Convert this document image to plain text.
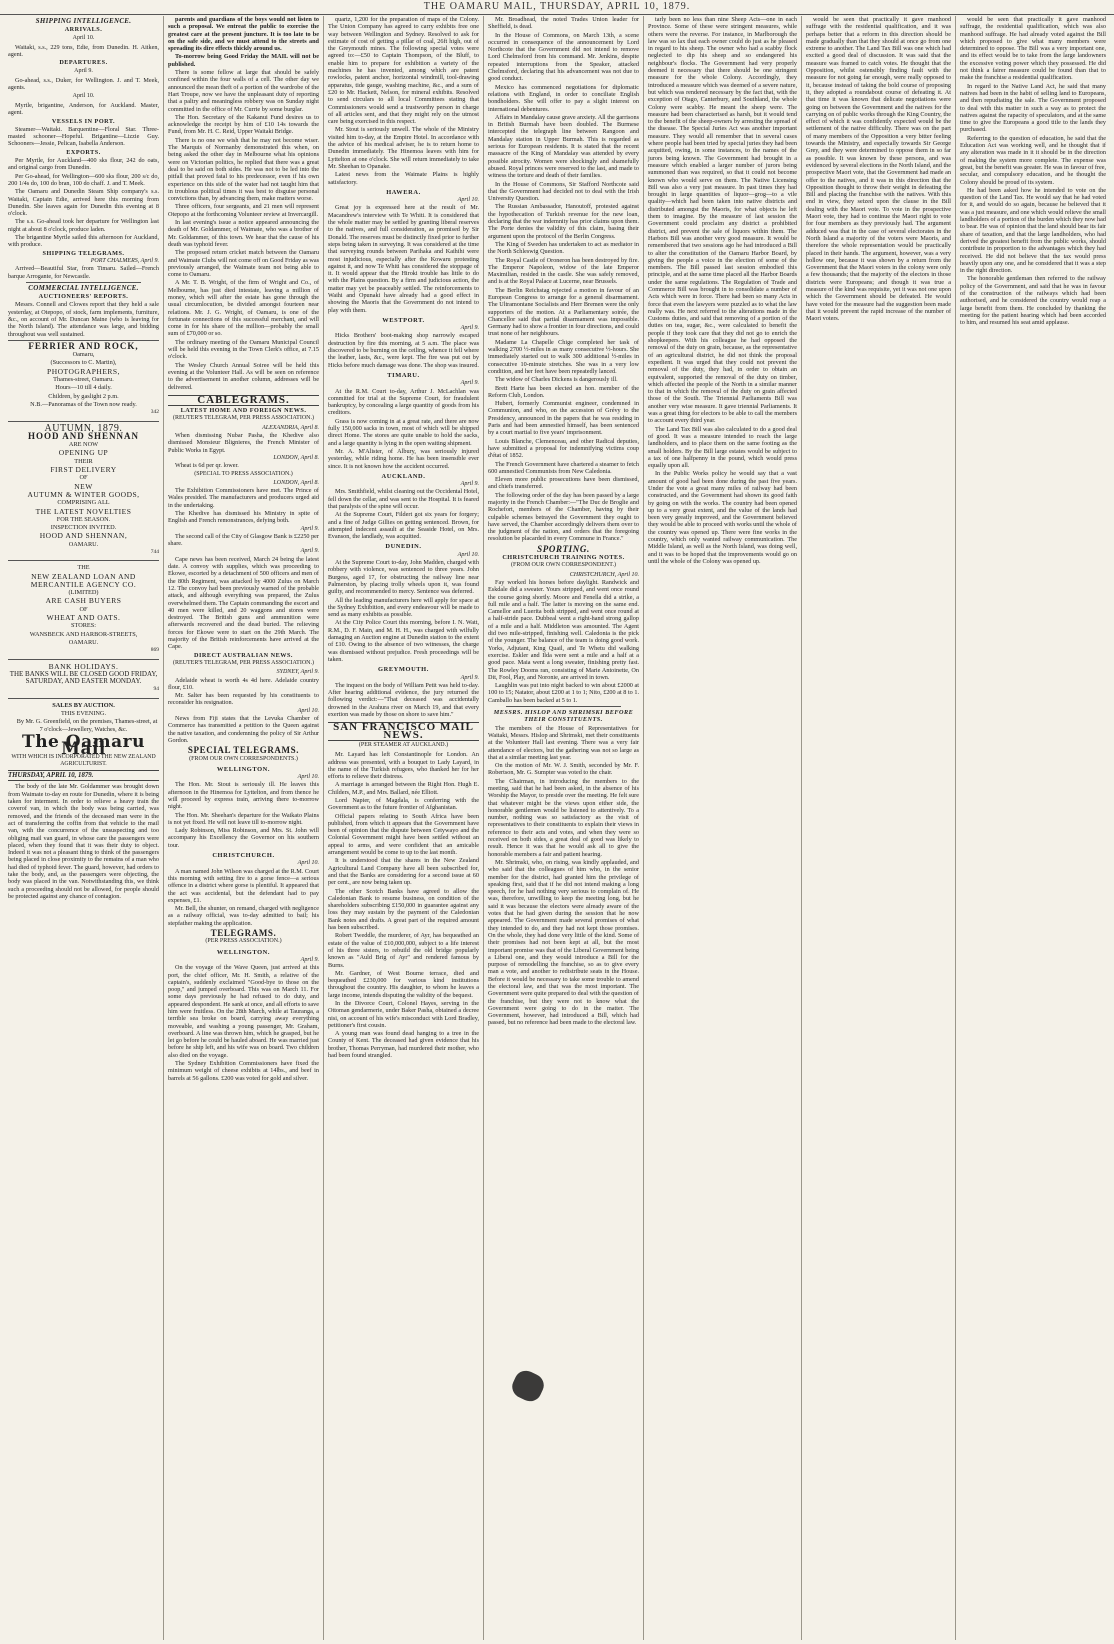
THE OAMARU MAIL, THURSDAY, APRIL 10, 1879.
SHIPPING INTELLIGENCE.
ARRIVALS.
April 10.

Waitaki, s.s., 229 tons, Edie, from Dunedin. H. Aitken, agent.

DEPARTURES.
April 9.

Go-ahead, s.s., Duker, for Wellington. J. and T. Meek, agents.

April 10.

Myrtle, brigantine, Anderson, for Auckland. Master, agent.

VESSELS IN PORT.

Steamer—Waitaki. Barquentine—Floral Star. Three-masted schooner—Hopeful. Brigantine—Lizzie Guy. Schooners—Jessie, Pelican, Isabella Anderson.

EXPORTS.

Per Myrtle, for Auckland—400 sks flour, 242 do oats, and original cargo from Dunedin.

Per Go-ahead, for Wellington—600 sks flour, 200 s/c do, 200 1/4s do, 100 do bran, 100 do chaff. J. and T. Meek.

The Oamaru and Dunedin Steam Ship company's s.s. Waitaki, Captain Edie, arrived here this morning from Dunedin. She leaves again for Dunedin this evening at 8 o'clock.

The s.s. Go-ahead took her departure for Wellington last night at about 8 o'clock, produce laden.

The brigantine Myrtle sailed this afternoon for Auckland, with produce.

SHIPPING TELEGRAMS.
PORT CHALMERS, April 9.

Arrived—Beautiful Star, from Timaru. Sailed—French barque Arrogante, for Newcastle.

COMMERCIAL INTELLIGENCE.
AUCTIONEERS' REPORTS.

Messrs. Connell and Clowes report that they held a sale yesterday, at Otepopo, of stock, farm implements, furniture, &c., on account of Mr. Duncan Maine (who is leaving for the North Island). The attendance was large, and bidding throughout was well sustained.

FERRIER AND ROCK,
Oamaru,
(Successors to C. Martin),
PHOTOGRAPHERS,
Thames-street, Oamaru.
Hours—10 till 4 daily.
Children, by gaslight 2 p.m.
N.B.—Panoramas of the Town now ready.
342
AUTUMN, 1879.
HOOD AND SHENNAN
ARE NOW
OPENING UP
THEIR
FIRST DELIVERY
OF
NEW
AUTUMN & WINTER GOODS,
COMPRISING ALL
THE LATEST NOVELTIES
FOR THE SEASON.
INSPECTION INVITED.
HOOD AND SHENNAN,
OAMARU.
744
THE
NEW ZEALAND LOAN AND
MERCANTILE AGENCY CO.
(LIMITED)
ARE CASH BUYERS
OF
WHEAT AND OATS.
STORES:
WANSBECK AND HARBOR-STREETS,
OAMARU.
869
BANK HOLIDAYS.
THE BANKS WILL BE CLOSED GOOD FRIDAY, SATURDAY, AND EASTER MONDAY.
94
SALES BY AUCTION.
THIS EVENING.

By Mr. G. Greenfield, on the premises, Thames-street, at 7 o'clock—Jewellery, Watches, &c.

The Oamaru Mail
WITH WHICH IS INCORPORATED THE NEW ZEALAND AGRICULTURIST.
THURSDAY, APRIL 10, 1879.

The body of the late Mr. Goldammer was brought down from Waimate to-day en route for Dunedin, where it is being taken for interment. In order to relieve a heavy train the coverof van, in which the body was being carried, was removed, and the friends of the deceased man were in the act of transferring the coffin from that vehicle to the mail van, with the concurrence of the unsuspecting and too obliging mail van guard, in whose care the passengers were placed, when they found that it was their duty to object. Indeed it was not a pleasant thing to think of the passengers being placed in close proximity to the remains of a man who had died of typhoid fever. The guard, however, had orders to take the body, and, as the passengers were objecting, the body was placed in the van. Notwithstanding this, we think such a proceeding should not be allowed, for people should be protected against any chance of contagion.

parents and guardians of the boys would not listen to such a proposal. We entreat the public to exercise the greatest care at the present juncture. It is too late to be on the safe side, and we must attend to the streets and spreading its dire effects thickly around us.

To-morrow being Good Friday the MAIL will not be published.

There is some fellow at large that should be safely confined within the four walls of a cell. The other day we announced the mean theft of a portion of the wardrobe of the Hart Troupe, now we have the unpleasant duty of reporting that a paltry and meaningless robbery was on Sunday night committed in the office of Mr. Currie by some burglar.

The Hon. Secretary of the Kakanui Fund desires us to acknowledge the receipt by him of £10 14s towards the Fund, from Mr. H. C. Reid, Upper Waitaki Bridge.

There is no one we wish that he may not become wiser. The Marquis of Normanby demonstrated this when, on being asked the other day in Melbourne what his opinions were on Victorian politics, he replied that there was a great deal to be said on both sides. He was not to be led into the pitfall that proved fatal to his predecessor, even if his own experience on this side of the water had not taught him that in troublous political times it was best to disguise personal convictions than, by advancing them, make matters worse.

Three officers, four sergeants, and 21 men will represent Otepopo at the forthcoming Volunteer review at Invercargill.

In last evening's issue a notice appeared announcing the death of Mr. Goldammer, of Waimate, who was a brother of Mr. Goldammer, of this town. We hear that the cause of his death was typhoid fever.

The proposed return cricket match between the Oamaru and Waimate Clubs will not come off on Good Friday as was previously arranged, the Waimate team not being able to come to Oamaru.

A Mr. T. B. Wright, of the firm of Wright and Co., of Melbourne, has just died intestate, leaving a million of money, which will after the estate has gone through the usual circumlocution, be divided amongst fourteen near relations. Mr. J. G. Wright, of Oamaru, is one of the fortunate connections of this successful merchant, and will come in for his share of the million—probably the small sum of £70,000 or so.

The ordinary meeting of the Oamaru Municipal Council will be held this evening in the Town Clerk's office, at 7.15 o'clock.

The Wesley Church Annual Soiree will be held this evening at the Volunteer Hall. As will be seen on reference to the advertisement in another column, addresses will be delivered.

CABLEGRAMS.
LATEST HOME AND FOREIGN NEWS.
(REUTER'S TELEGRAM, PER PRESS ASSOCIATION.)
ALEXANDRIA, April 8.

When dismissing Nubar Pasha, the Khedive also dismissed Monsieur Blignieres, the French Minister of Public Works in Egypt.

LONDON, April 8.

Wheat is 6d per qr. lower.

(SPECIAL TO PRESS ASSOCIATION.)
LONDON, April 8.

The Exhibition Commissioners have met. The Prince of Wales presided. The manufacturers and producers urged aid in the undertaking.

The Khedive has dismissed his Ministry in spite of English and French remonstrances, defying both.

April 9.

The second call of the City of Glasgow Bank is £2250 per share.

April 9.

Cape news has been received, March 24 being the latest date. A convoy with supplies, which was proceeding to Ekowe, escorted by a detachment of 500 officers and men of the 80th Regiment, was attacked by 4000 Zulus on March 12. The convoy had been previously warned of the probable attack, and although everything was prepared, the Zulus overwhelmed them. The Captain commanding the escort and 40 men were killed, and 20 waggons and stores were destroyed. The British guns and ammunition were afterwards recovered and the dead buried. The relieving forces for Ekowe were to start on the 29th March. The majority of the British reinforcements have arrived at the Cape.

DIRECT AUSTRALIAN NEWS.
(REUTER'S TELEGRAM, PER PRESS ASSOCIATION.)
SYDNEY, April 9.

Adelaide wheat is worth 4s 4d here. Adelaide country flour, £10.

Mr. Salter has been requested by his constituents to reconsider his resignation.

April 10.

News from Fiji states that the Levuka Chamber of Commerce has transmitted a petition to the Queen against the native taxation, and condemning the policy of Sir Arthur Gordon.

SPECIAL TELEGRAMS.
(FROM OUR OWN CORRESPONDENTS.)
WELLINGTON.
April 10.

The Hon. Mr. Stout is seriously ill. He leaves this afternoon in the Hinemoa for Lyttelton, and from thence he will proceed by express train, arriving there to-morrow night.

The Hon. Mr. Sheehan's departure for the Waikato Plains is not yet fixed. He will not leave till to-morrow night.

Lady Robinson, Miss Robinson, and Mrs. St. John will accompany his Excellency the Governor on his southern tour.

CHRISTCHURCH.
April 10.

A man named John Wilson was charged at the R.M. Court this morning with setting fire to a gorse fence—a serious offence in a district where gorse is plentiful. It appeared that the act was accidental, but the defendant had to pay expenses, £1.

Mr. Bell, the shunter, on remand, charged with negligence as a railway official, was to-day admitted to bail; his stepfather making the application.

TELEGRAMS.
(PER PRESS ASSOCIATION.)
WELLINGTON.
April 9.

On the voyage of the Wave Queen, just arrived at this port, the chief officer, Mr. H. Smith, a relative of the captain's, suddenly exclaimed "Good-bye to those on the poop," and jumped overboard. This was on March 11. For some days previously he had refused to do duty, and appeared despondent. He sank at once, and all efforts to save him were fruitless. On the 28th March, while at Tauranga, a terrible sea broke on board, carrying away everything moveable, and washing a young passenger, Mr. Graham, overboard. A line was thrown him, which he grasped, but he let go before he could be hauled aboard. He was married just before he ship left, and his wife was on board. Two children also died on the voyage.

The Sydney Exhibition Commissioners have fixed the minimum weight of cheese exhibits at 14lbs., and beef in barrels at 56 gallons. £200 was voted for gold and silver.

quartz, 1,200 for the preparation of maps of the Colony. The Union Company has agreed to carry exhibits free one way between Wellington and Sydney. Resolved to ask for estimate of cost of getting a pillar of coal, 26ft high, out of the Greymouth mines. The following special votes were agreed to:—£50 to Captain Thompson, of the Bluff, to enable him to prepare for exhibition a variety of the machines he has invented, among which are patent rowlocks, patent anchor, horizontal windmill, tool-drawing apparatus, tide gauge, washing machine, &c., and a sum of £20 to Mr. Hackett, Nelson, for mineral exhibits. Resolved to send circulars to all local Committees stating that Commissioners would send a trustworthy person in charge of all articles sent, and that they might rely on the utmost care being exercised in this respect.

Mr. Stout is seriously unwell. The whole of the Ministry visited him to-day, at the Empire Hotel. In accordance with the advice of his medical adviser, he is to return home to Dunedin immediately. The Hinemoa leaves with him for Lyttelton at one o'clock. She will return immediately to take Mr. Sheehan to Opanake.

Latest news from the Waimate Plains is highly satisfactory.

HAWERA.
April 10.

Great joy is expressed here at the result of Mr. Macandrew's interview with Te Whiti. It is considered that the whole matter may be settled by granting liberal reserves to the natives, and full consideration, as promised by Sir Donald. The reserves must be distinctly fixed prior to further steps being taken in surveying. It was considered at the time that surveying rounds between Parihaka and Kaihihi were most injudicious, especially after the Kowaru protesting against it, and now Te Whiti has considered the stoppage of it. It would appear that the Hiroki trouble has little to do with the Plains question. By a firm and judicious action, the matter may yet be peaceably settled. The reinforcements to Waihi and Opunaki have already had a good effect in showing the Maoris that the Government do not intend to play with them.

WESTPORT.
April 9.

Hicks Brothers' boot-making shop narrowly escaped destruction by fire this morning, at 5 a.m. The place was discovered to be burning on the ceiling, whence it fell where the leather, lasts, &c., were kept. The fire was put out by Hicks before much damage was done. The shop was insured.

TIMARU.
April 9.

At the R.M. Court to-day, Arthur J. McLachlan was committed for trial at the Supreme Court, for fraudulent bankruptcy, by concealing a large quantity of goods from his creditors.

Grass is now coming in at a great rate, and there are now fully 150,000 sacks in town, most of which will be shipped direct Home. The stores are quite unable to hold the sacks, and a large quantity is lying in the open waiting shipment.

Mr. A. M'Alister, of Albury, was seriously injured yesterday, while riding home. He has been insensible ever since. It is not known how the accident occurred.

AUCKLAND.
April 9.

Mrs. Smithfield, whilst cleaning out the Occidental Hotel, fell down the cellar, and was sent to the Hospital. It is feared that paralysis of the spine will occur.

At the Supreme Court, Fildert got six years for forgery; and a fine of Judge Gillies on getting sentenced. Brown, for attempted indecent assault at the Seaside Hotel, on Mrs. Evanson, the landlady, was acquitted.

DUNEDIN.
April 10.

At the Supreme Court to-day, John Madden, charged with robbery with violence, was sentenced to three years. John Burgess, aged 17, for obstructing the railway line near Palmerston, by placing trolly wheels upon it, was found guilty, and recommended to mercy. Sentence was deferred.

All the leading manufacturers here will apply for space at the Sydney Exhibition, and every endeavour will be made to send as many exhibits as possible.

At the City Police Court this morning, before I. N. Watt, R.M., D. F. Main, and M. H. H., was charged with wilfully damaging an Auction engine at Dunedin station to the extent of £10. Owing to the absence of two witnesses, the charge was dismissed without prejudice. Fresh proceedings will be taken.

GREYMOUTH.
April 9.

The inquest on the body of William Petit was held to-day. After hearing additional evidence, the jury returned the following verdict:—"That deceased was accidentally drowned in the Arahura river on March 19, and that every exertion was made by those on shore to save him."

SAN FRANCISCO MAIL NEWS.
(PER STEAMER AT AUCKLAND.)

Mr. Layard has left Constantinople for London. An address was presented, with a bouquet to Lady Layard, in the name of the Turkish refugees, who thanked her for her efforts to relieve their distress.

A marriage is arranged between the Right Hon. Hugh E. Childers, M.P., and Mrs. Ballard, née Elliott.

Lord Napier, of Magdala, is conferring with the Government as to the future frontier of Afghanistan.

Official papers relating to South Africa have been published, from which it appears that the Government have been of opinion that the dispute between Cetywayo and the Colonial Government might have been settled without an appeal to arms, and were confident that an amicable arrangement would be come to up to the last month.

It is understood that the shares in the New Zealand Agricultural Land Company have all been subscribed for, and that the Banks are considering for a second issue at 60 per cent., are now being taken up.

The other Scotch Banks have agreed to allow the Caledonian Bank to resume business, on condition of the shareholders subscribing £150,000 in guarantee against any loss they may sustain by the payment of the Caledonian Bank notes and drafts. A great part of the required amount has been subscribed.

Robert Tweddle, the murderer, of Ayr, has bequeathed an estate of the value of £10,000,000, subject to a life interest of his three sisters, to rebuild the old bridge popularly known as "Auld Brig of Ayr" and rendered famous by Burns.

Mr. Gardner, of West Bourne terrace, died and bequeathed £230,000 for various kind institutions throughout the country. His daughter, to whom he leaves a large income, intends disputing the validity of the bequest.

In the Divorce Court, Colonel Hayes, serving in the Ottoman gendarmerie, under Baker Pasha, obtained a decree nisi, on account of his wife's misconduct with Lord Bradley, petitioner's first cousin.

A young man was found dead hanging to a tree in the County of Kent. The deceased had given evidence that his brother, Thomas Perryman, had murdered their mother, who had been found strangled.

Mr. Broadhead, the noted Trades Union leader for Sheffield, is dead.

In the House of Commons, on March 13th, a scene occurred in consequence of the announcement by Lord Northcote that the Government did not intend to remove Lord Chelmsford from his command. Mr. Jenkins, despite repeated interruptions from the Speaker, attacked Chelmsford, declaring that his advancement was not due to good conduct.

Mexico has commenced negotiations for diplomatic relations with England, in order to conciliate English bondholders. She will offer to pay a slight interest on international debentures.

Affairs in Mandalay cause grave anxiety. All the garrisons in British Burmah have been doubled. The Burmese intercepted the telegraph line between Rangoon and Mandalay station in Upper Burmah. This is regarded as serious for European residents. It is stated that the recent massacre of the King of Mandalay was attended by every possible atrocity. Women were shockingly and shamefully abused. Royal princes were reserved to the last, and made to witness the torture and death of their families.

In the House of Commons, Sir Stafford Northcote said that the Government had decided not to deal with the Irish University Question.

The Russian Ambassador, Hanoutoff, protested against the hypothecation of Turkish revenue for the new loan, declaring that the war indemnity has prior claims upon them. The Porte denies the validity of this claim, basing their argument upon the protocol of the Berlin Congress.

The King of Sweden has undertaken to act as mediator in the North Schleswig Question.

The Royal Castle of Oroneron has been destroyed by fire. The Emperor Napoleon, widow of the late Emperor Maximilian, resided in the castle. She was safely removed, and is at the Royal Palace at Lucerne, near Brussels.

The Berlin Reichstag rejected a motion in favour of an European Congress to arrange for a general disarmament. The Ultramontane Socialists and Herr Bremen were the only supporters of the motion. At a Parliamentary soirée, the Chancellor said that partial disarmament was impossible. Germany had to show a frontier in four directions, and could trust none of her neighbours.

Madame La Chapelle Chige completed her task of walking 2700 ½-miles in as many consecutive ½-hours. She immediately started out to walk 300 additional ½-miles in consecutive 10-minute stretches. She was in a very low condition, and her feet have been repeatedly lanced.

The widow of Charles Dickens is dangerously ill.

Brett Harte has been elected an hon. member of the Reform Club, London.

Hubert, formerly Communist engineer, condemned in Communion, and who, on the accession of Grévy to the Presidency, announced in the papers that he was residing in Paris and had been amnestied himself, has been sentenced by a court martial to five years' imprisonment.

Louis Blanche, Clemenceau, and other Radical deputies, have submitted a proposal for indemnifying victims coup d'état of 1852.

The French Government have chartered a steamer to fetch 600 amnestied Communists from New Caledonia.

Eleven more public prosecutions have been dismissed, and chiefs transferred.

The following order of the day has been passed by a large majority in the French Chamber:—"The Duc de Broglie and Rochefort, members of the Chamber, having by their culpable schemes betrayed the Government they ought to have served, the Chamber accordingly delivers them over to the judgment of the nation, and orders that the foregoing resolution be placarded in every Commune in France."

SPORTING.
CHRISTCHURCH TRAINING NOTES.
(FROM OUR OWN CORRESPONDENT.)
CHRISTCHURCH, April 10.

Fay worked his horses before daylight. Randwick and Eskdale did a sweater. Yours stripped, and went once round the course going shortly. Moore and Fenella did a strike, a full mile and a half. The latter is moving on the same end. Camellor and Luerita both stripped, and went once round at a half-stride pace. Dubbeal went a right-hand strong gallop of a mile and a half. Middleton was amounted. The Agent did two mile-stripped, finishing well. Caledonia is the pick of the younger. The balance of the team is doing good work. Yorks, Adjutant, King Quail, and Te Whetu did walking exercise. Eskler and Ilda were sent a mile and a half at a good pace. Maia went a long sweater, finishing pretty fast. The Rowley Dooms ran, consisting of Marie Antoinette, On Dit, Fool, Play, and Noronie, are arrived in town.

Laughlin was put into night backed to win about £2000 at 100 to 15; Natator, about £200 at 1 to 1; Nito, £200 at 8 to 1. Camballo has been backed at 5 to 1.

MESSRS. HISLOP AND SHRIMSKI BEFORE THEIR CONSTITUENTS.

The members of the House of Representatives for Waitaki, Messrs. Hislop and Shrimski, met their constituents at the Volunteer Hall last evening. There was a very fair attendance of electors, but the gathering was not so large as that at a similar meeting last year.

On the motion of Mr. W. J. Smith, seconded by Mr. F. Robertson, Mr. G. Sumpter was voted to the chair.

The Chairman, in introducing the members to the meeting, said that he had been asked, in the absence of his Worship the Mayor, to preside over the meeting. He felt sure that whatever might be the views upon either side, the honorable gentlemen would be listened to attentively. To a number, nothing was so satisfactory as the visit of representatives to their constituents to explain their views in reference to their acts and votes, and when they were so received on both sides, a great deal of good was likely to result. Hence it was that he would ask all to give the honorable members a fair and patient hearing.

Mr. Shrimski, who, on rising, was kindly applauded, and who said that the colleagues of him who, in the senior member for the district, had granted him the privilege of speaking first, said that if he did not intend making a long speech, for he had nothing very serious to complain of. He was, therefore, unwilling to keep the meeting long, but he said it was because the electors were already aware of the votes that he had given during the session that he now appeared. The Government made several promises of what they intended to do, and they had not kept those promises. On the whole, they had done very little of the kind. Some of their promises had not been kept at all, but the most important promise was that of the Liberal Government being a Liberal one, and they would introduce a Bill for the purpose of remodelling the franchise, so as to give every man a vote, and another to redistribute seats in the House. Before it would be necessary to take some trouble to amend the electoral law, and that was the most important. The Government were quite prepared to deal with the question of the franchise, but they were not to know what the Government were going to do in the matter. The Government, however, had introduced a Bill, which had passed, but no reference had been made to the electoral law.

tarly been no less than nine Sheep Acts—one in each Province. Some of these were stringent measures, while others were the reverse. For instance, in Marlborough the law was so lax that each owner could do just as he pleased in regard to his sheep. The owner who had a scabby flock neglected to dip his sheep and so endangered his neighbour's flocks. The Government had very properly deemed it necessary that there should be one stringent measure for the whole Colony. Accordingly, they introduced a measure which was deemed of a severe nature, but which was rendered necessary by the fact that, with the exception of Otago, Canterbury, and Southland, the whole Colony were scabby. He meant the sheep were. The measure had been characterised as harsh, but it would tend to the benefit of the sheep-owners by arresting the spread of the disease. The Special Juries Act was another important measure. They would all remember that in several cases where people had been tried by special juries they had been acquitted, owing, in some instances, to the names of the jurors being known. The Government had brought in a measure which enabled a larger number of jurors being summoned than was required, so that it could not become known who would serve on them. The Native Licensing Bill was also a very just measure. In past times they had brought in large quantities of liquor—grog—to a vile quality—which had been taken into native districts and distributed amongst the Maoris, for what objects he left them to imagine. By the measure of last session the Government could proclaim any district a prohibited district, and prevent the sale of liquors within them. The Harbors Bill was another very good measure. It would be remembered that two sessions ago he had introduced a Bill to alter the constitution of the Oamaru Harbor Board, by giving the people a voice in the election of some of the members. The Bill passed last session embodied this principle, and at the same time placed all the Harbor Boards under the same regulations. The Regulation of Trade and Commerce Bill was brought in to consolidate a number of Acts which were in force. There had been so many Acts in force that even the lawyers were puzzled as to what the law really was. He next referred to the alterations made in the Customs duties, and said that removing of a portion of the duties on tea, sugar, &c., were calculated to benefit the people if they took care that they did not go to enrich the shopkeepers. With his colleague he had opposed the removal of the duty on grain, because, as the representative of an agricultural district, he did not think the proposal expedient. It was urged that they could not prevent the removal of the duty, they had, in order to obtain an equivalent, supported the removal of the duty on timber, which affected the people of the North in a similar manner to that in which the removal of the duty on grain affected those of the South. The Triennial Parliaments Bill was another very wise measure. It gave triennial Parliaments. It was a great thing for electors to be able to call the members to account every third year.

The Land Tax Bill was also calculated to do a good deal of good. It was a measure intended to reach the large landholders, and to place them on the same footing as the small holders. By the Bill large estates would be subject to a tax of one halfpenny in the pound, which would press equally upon all.

In the Public Works policy he would say that a vast amount of good had been done during the past five years. Under the vote a great many miles of railway had been constructed, and the Government had shown its good faith by going on with the works. The country had been opened up to a very great extent, and the value of the lands had been very greatly improved, and the Government believed they would be able to proceed with works until the whole of the country was opened up. There were fine works in the country, which only wanted railway communication. The Middle Island, as well as the North Island, was doing well, and it was to be hoped that the improvements would go on until the whole of the Colony was opened up.

would be seen that practically it gave manhood suffrage with the residential qualification, and it was perhaps better that a reform in this direction should be made gradually than that they should at once go from one extreme to another. The Land Tax Bill was one which had excited a good deal of discussion. It was said that the measure was framed to catch votes. He thought that the Opposition, whilst ostensibly finding fault with the measure for not going far enough, were really opposed to it, because instead of taking the bold course of proposing it, they adopted a roundabout course of defeating it. At that time it was known that delicate negotiations were going on between the Government and the natives for the carrying on of public works through the King Country, the effect of which it was confidently expected would be the settlement of the native difficulty. There was on the part of many members of the Opposition a very bitter feeling towards the Ministry, and especially towards Sir George Grey, and they were determined to oppose them in so far as possible. It was known by these persons, and was evidenced by several elections in the North Island, and the prospective Maori vote, that the Government had made an offer to the natives, and it was in this direction that the Opposition thought to throw their weight in defeating the Bill and placing the franchise with the natives. With this end in view, they seized upon the clause in the Bill dealing with the Maori vote. To vote in the prospective Maori vote, they had to continue the Maori right to vote for four members as they previously had. The argument adduced was that in the case of several electorates in the North Island a majority of the voters were Maoris, and therefore the whole representation would be practically placed in their hands. The argument, however, was a very hollow one, because it was shown by a return from the Government that the Maori voters in the colony were only a few thousands; that the majority of the electors in those districts were Europeans; and though it was true a measure of the kind was requisite, yet it was not one upon which the Government should be defeated. He would have voted for the measure had the suggestion been made that it would prevent the rapid increase of the number of Maori voters.

would be seen that practically it gave manhood suffrage, the residential qualification, which was also manhood suffrage. He had already voted against the Bill which proposed to give what many members were determined to oppose. The Bill was a very important one, and its effect would be to take from the large landowners the excessive voting power which they possessed. He did not think a fairer measure could be found than that to make the franchise a residential qualification.

In regard to the Native Land Act, he said that many natives had been in the habit of selling land to Europeans, and then repudiating the sale. The Government proposed to deal with this matter in such a way as to protect the natives against the rapacity of speculators, and at the same time to give the Europeans a good title to the lands they purchased.

Referring to the question of education, he said that the Education Act was working well, and he thought that if any alteration was made in it it should be in the direction of making the system more complete. The expense was great, but the benefit was greater. He was in favour of free, secular, and compulsory education, and he thought the Colony should be proud of its system.

He had been asked how he intended to vote on the question of the Land Tax. He would say that he had voted for it, and would do so again, because he believed that it was a just measure, and one which would relieve the small landholders of a portion of the burden which they now had to bear. He was of opinion that the land should bear its fair share of taxation, and that the large landholders, who had derived the greatest benefit from the public works, should contribute in proportion to the advantages which they had received. He did not believe that the tax would press heavily upon any one, and he considered that it was a step in the right direction.

The honorable gentleman then referred to the railway policy of the Government, and said that he was in favour of the construction of the railways which had been authorised, and he considered the country would reap a large benefit from them. He concluded by thanking the meeting for the patient hearing which had been accorded to him, and resumed his seat amid applause.
